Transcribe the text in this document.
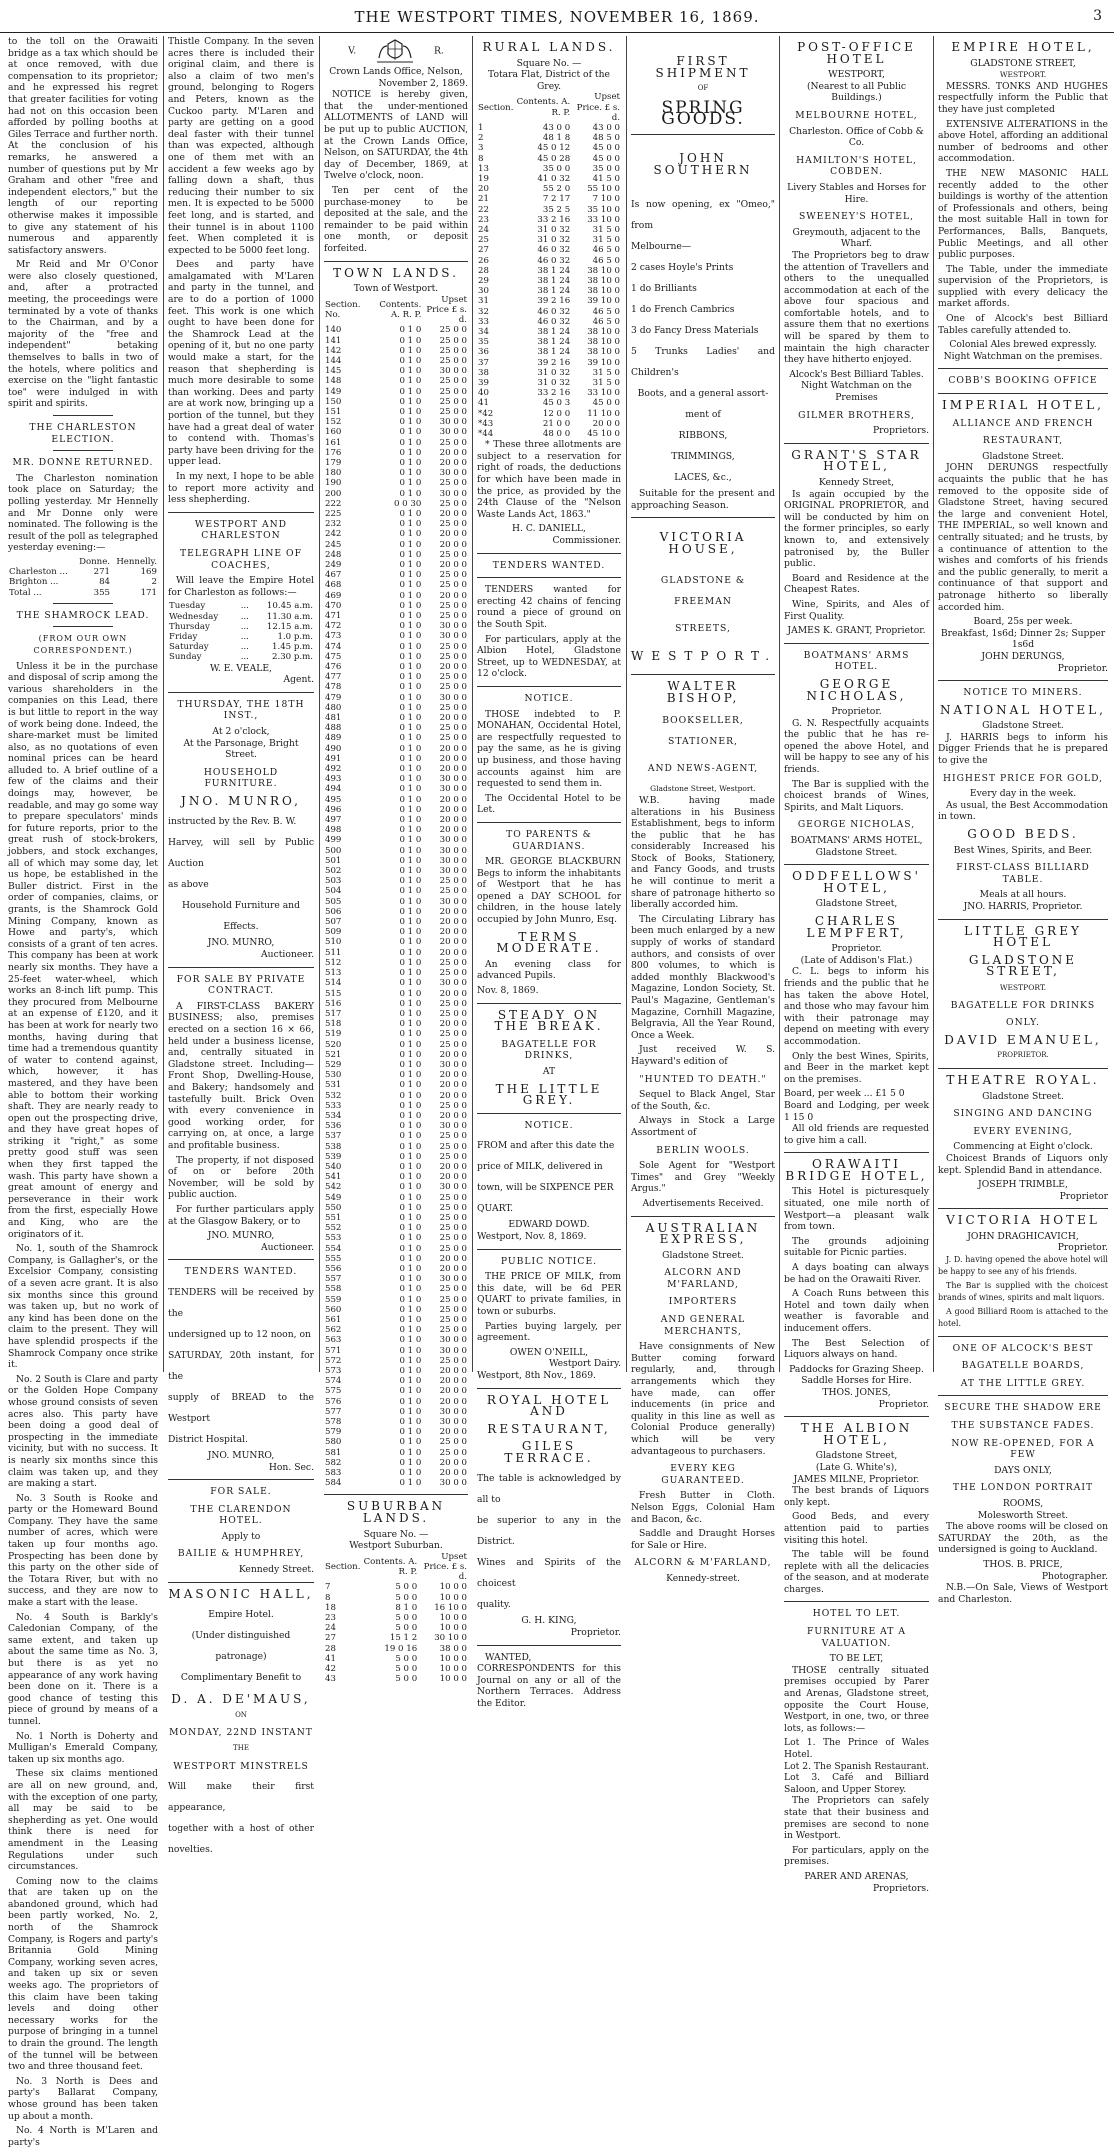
THE WESTPORT TIMES, NOVEMBER 16, 1869.	3

to the toll on the Orawaiti bridge as a tax which should be at once removed, with due compensation to its proprietor; and he expressed his regret that greater facilities for voting had not on this occasion been afforded by polling booths at Giles Terrace and further north. At the conclusion of his remarks, he answered a number of questions put by Mr Graham and other "free and independent electors," but the length of our reporting otherwise makes it impossible to give any statement of his numerous and apparently satisfactory answers.

Mr Reid and Mr O'Conor were also closely questioned, and, after a protracted meeting, the proceedings were terminated by a vote of thanks to the Chairman, and by a majority of the "free and independent" betaking themselves to balls in two of the hotels, where politics and exercise on the "light fantastic toe" were indulged in with spirit and spirits.

THE CHARLESTON ELECTION.
MR. DONNE RETURNED.

The Charleston nomination took place on Saturday; the polling yesterday. Mr Hennelly and Mr Donne only were nominated. The following is the result of the poll as telegraphed yesterday evening:—

	Donne.	Hennelly.
Charleston ...	271	169
Brighton ...	84	2
Total ...	355	171
THE SHAMROCK LEAD.
(FROM OUR OWN CORRESPONDENT.)

Unless it be in the purchase and disposal of scrip among the various shareholders in the companies on this Lead, there is but little to report in the way of work being done. Indeed, the share-market must be limited also, as no quotations of even nominal prices can be heard alluded to. A brief outline of a few of the claims and their doings may, however, be readable, and may go some way to prepare speculators' minds for future reports, prior to the great rush of stock-brokers, jobbers, and stock exchanges, all of which may some day, let us hope, be established in the Buller district. First in the order of companies, claims, or grants, is the Shamrock Gold Mining Company, known as Howe and party's, which consists of a grant of ten acres. This company has been at work nearly six months. They have a 25-feet water-wheel, which works an 8-inch lift pump. This they procured from Melbourne at an expense of £120, and it has been at work for nearly two months, having during that time had a tremendous quantity of water to contend against, which, however, it has mastered, and they have been able to bottom their working shaft. They are nearly ready to open out the prospecting drive, and they have great hopes of striking it "right," as some pretty good stuff was seen when they first tapped the wash. This party have shown a great amount of energy and perseverance in their work from the first, especially Howe and King, who are the originators of it.

No. 1, south of the Shamrock Company, is Gallagher's, or the Excelsior Company, consisting of a seven acre grant. It is also six months since this ground was taken up, but no work of any kind has been done on the claim to the present. They will have splendid prospects if the Shamrock Company once strike it.

No. 2 South is Clare and party or the Golden Hope Company whose ground consists of seven acres also. This party have been doing a good deal of prospecting in the immediate vicinity, but with no success. It is nearly six months since this claim was taken up, and they are making a start.

No. 3 South is Rooke and party or the Homeward Bound Company. They have the same number of acres, which were taken up four months ago. Prospecting has been done by this party on the other side of the Totara River, but with no success, and they are now to make a start with the lease.

No. 4 South is Barkly's Caledonian Company, of the same extent, and taken up about the same time as No. 3, but there is as yet no appearance of any work having been done on it. There is a good chance of testing this piece of ground by means of a tunnel.

No. 1 North is Doherty and Mulligan's Emerald Company, taken up six months ago.

These six claims mentioned are all on new ground, and, with the exception of one party, all may be said to be shepherding as yet. One would think there is need for amendment in the Leasing Regulations under such circumstances.

Coming now to the claims that are taken up on the abandoned ground, which had been partly worked, No. 2, north of the Shamrock Company, is Rogers and party's Britannia Gold Mining Company, working seven acres, and taken up six or seven weeks ago. The proprietors of this claim have been taking levels and doing other necessary works for the purpose of bringing in a tunnel to drain the ground. The length of the tunnel will be between two and three thousand feet.

No. 3 North is Dees and party's Ballarat Company, whose ground has been taken up about a month.

No. 4 North is M'Laren and party's

Thistle Company. In the seven acres there is included their original claim, and there is also a claim of two men's ground, belonging to Rogers and Peters, known as the Cuckoo party. M'Laren and party are getting on a good deal faster with their tunnel than was expected, although one of them met with an accident a few weeks ago by falling down a shaft, thus reducing their number to six men. It is expected to be 5000 feet long, and is started, and their tunnel is in about 1100 feet. When completed it is expected to be 5000 feet long.

Dees and party have amalgamated with M'Laren and party in the tunnel, and are to do a portion of 1000 feet. This work is one which ought to have been done for the Shamrock Lead at the opening of it, but no one party would make a start, for the reason that shepherding is much more desirable to some than working. Dees and party are at work now, bringing up a portion of the tunnel, but they have had a great deal of water to contend with. Thomas's party have been driving for the upper lead.

In my next, I hope to be able to report more activity and less shepherding.

WESTPORT AND CHARLESTON
TELEGRAPH LINE OF COACHES,

Will leave the Empire Hotel for Charleston as follows:—

Tuesday	...	10.45 a.m.
Wednesday	...	11.30 a.m.
Thursday	...	12.15 a.m.
Friday	...	1.0 p.m.
Saturday	...	1.45 p.m.
Sunday	...	2.30 p.m.
W. E. VEALE,
Agent.
THURSDAY, THE 18TH INST.,
At 2 o'clock,
At the Parsonage, Bright Street.
HOUSEHOLD FURNITURE.
JNO. MUNRO,
instructed by the Rev. B. W.
Harvey, will sell by Public Auction
as above
Household Furniture and Effects.
JNO. MUNRO,
Auctioneer.
FOR SALE BY PRIVATE CONTRACT.

A FIRST-CLASS BAKERY BUSINESS; also, premises erected on a section 16 × 66, held under a business license, and, centrally situated in Gladstone street. Including—Front Shop, Dwelling-House, and Bakery; handsomely and tastefully built. Brick Oven with every convenience in good working order, for carrying on, at once, a large and profitable business.

The property, if not disposed of on or before 20th November, will be sold by public auction.

For further particulars apply at the Glasgow Bakery, or to

JNO. MUNRO,
Auctioneer.
TENDERS WANTED.
TENDERS will be received by the
undersigned up to 12 noon, on
SATURDAY, 20th instant, for the
supply of BREAD to the Westport
District Hospital.
JNO. MUNRO,
Hon. Sec.
FOR SALE.
THE CLARENDON HOTEL.
Apply to
BAILIE & HUMPHREY,
Kennedy Street.
MASONIC HALL,
Empire Hotel.
(Under distinguished patronage)
Complimentary Benefit to
D. A. DE'MAUS,
ON
MONDAY, 22ND INSTANT
THE
WESTPORT MINSTRELS
Will make their first appearance,
together with a host of other novelties.
V.	R.
Crown Lands Office, Nelson,
November 2, 1869.

NOTICE is hereby given, that the under-mentioned ALLOTMENTS of LAND will be put up to public AUCTION, at the Crown Lands Office, Nelson, on SATURDAY, the 4th day of December, 1869, at Twelve o'clock, noon.

Ten per cent of the purchase-money to be deposited at the sale, and the remainder to be paid within one month, or deposit forfeited.

TOWN LANDS.
Town of Westport.
Section. No.	Contents. A. R. P.	Upset Price £ s. d.
140	0 1 0	25 0 0
141	0 1 0	25 0 0
142	0 1 0	25 0 0
144	0 1 0	25 0 0
145	0 1 0	30 0 0
148	0 1 0	25 0 0
149	0 1 0	25 0 0
150	0 1 0	25 0 0
151	0 1 0	25 0 0
152	0 1 0	30 0 0
160	0 1 0	30 0 0
161	0 1 0	25 0 0
176	0 1 0	20 0 0
179	0 1 0	20 0 0
180	0 1 0	30 0 0
190	0 1 0	25 0 0
200	0 1 0	30 0 0
222	0 0 30	25 0 0
225	0 1 0	20 0 0
232	0 1 0	25 0 0
242	0 1 0	20 0 0
245	0 1 0	20 0 0
248	0 1 0	25 0 0
249	0 1 0	20 0 0
467	0 1 0	25 0 0
468	0 1 0	25 0 0
469	0 1 0	20 0 0
470	0 1 0	25 0 0
471	0 1 0	25 0 0
472	0 1 0	30 0 0
473	0 1 0	30 0 0
474	0 1 0	25 0 0
475	0 1 0	25 0 0
476	0 1 0	20 0 0
477	0 1 0	25 0 0
478	0 1 0	25 0 0
479	0 1 0	30 0 0
480	0 1 0	25 0 0
481	0 1 0	20 0 0
488	0 1 0	25 0 0
489	0 1 0	25 0 0
490	0 1 0	20 0 0
491	0 1 0	20 0 0
492	0 1 0	20 0 0
493	0 1 0	30 0 0
494	0 1 0	30 0 0
495	0 1 0	20 0 0
496	0 1 0	20 0 0
497	0 1 0	20 0 0
498	0 1 0	20 0 0
499	0 1 0	30 0 0
500	0 1 0	30 0 0
501	0 1 0	30 0 0
502	0 1 0	30 0 0
503	0 1 0	25 0 0
504	0 1 0	25 0 0
505	0 1 0	30 0 0
506	0 1 0	20 0 0
507	0 1 0	20 0 0
509	0 1 0	20 0 0
510	0 1 0	20 0 0
511	0 1 0	20 0 0
512	0 1 0	25 0 0
513	0 1 0	25 0 0
514	0 1 0	30 0 0
515	0 1 0	20 0 0
516	0 1 0	25 0 0
517	0 1 0	25 0 0
518	0 1 0	20 0 0
519	0 1 0	25 0 0
520	0 1 0	25 0 0
521	0 1 0	20 0 0
529	0 1 0	30 0 0
530	0 1 0	20 0 0
531	0 1 0	20 0 0
532	0 1 0	20 0 0
533	0 1 0	25 0 0
534	0 1 0	20 0 0
536	0 1 0	30 0 0
537	0 1 0	25 0 0
538	0 1 0	25 0 0
539	0 1 0	25 0 0
540	0 1 0	20 0 0
541	0 1 0	20 0 0
542	0 1 0	30 0 0
549	0 1 0	25 0 0
550	0 1 0	25 0 0
551	0 1 0	25 0 0
552	0 1 0	25 0 0
553	0 1 0	25 0 0
554	0 1 0	25 0 0
555	0 1 0	20 0 0
556	0 1 0	20 0 0
557	0 1 0	30 0 0
558	0 1 0	25 0 0
559	0 1 0	25 0 0
560	0 1 0	25 0 0
561	0 1 0	25 0 0
562	0 1 0	25 0 0
563	0 1 0	30 0 0
571	0 1 0	30 0 0
572	0 1 0	25 0 0
573	0 1 0	20 0 0
574	0 1 0	20 0 0
575	0 1 0	20 0 0
576	0 1 0	20 0 0
577	0 1 0	30 0 0
578	0 1 0	30 0 0
579	0 1 0	20 0 0
580	0 1 0	25 0 0
581	0 1 0	25 0 0
582	0 1 0	20 0 0
583	0 1 0	20 0 0
584	0 1 0	30 0 0
SUBURBAN LANDS.
Square No. —
Westport Suburban.
Section.	Contents. A. R. P.	Upset Price. £ s. d.
7	5 0 0	10 0 0
8	5 0 0	10 0 0
18	8 1 0	16 10 0
23	5 0 0	10 0 0
24	5 0 0	10 0 0
27	15 1 2	30 10 0
28	19 0 16	38 0 0
41	5 0 0	10 0 0
42	5 0 0	10 0 0
43	5 0 0	10 0 0
RURAL LANDS.
Square No. —
Totara Flat, District of the Grey.
Section.	Contents. A. R. P.	Upset Price. £ s. d.
1	43 0 0	43 0 0
2	48 1 8	48 5 0
3	45 0 12	45 0 0
8	45 0 28	45 0 0
13	35 0 0	35 0 0
19	41 0 32	41 5 0
20	55 2 0	55 10 0
21	7 2 17	7 10 0
22	35 2 5	35 10 0
23	33 2 16	33 10 0
24	31 0 32	31 5 0
25	31 0 32	31 5 0
27	46 0 32	46 5 0
26	46 0 32	46 5 0
28	38 1 24	38 10 0
29	38 1 24	38 10 0
30	38 1 24	38 10 0
31	39 2 16	39 10 0
32	46 0 32	46 5 0
33	46 0 32	46 5 0
34	38 1 24	38 10 0
35	38 1 24	38 10 0
36	38 1 24	38 10 0
37	39 2 16	39 10 0
38	31 0 32	31 5 0
39	31 0 32	31 5 0
40	33 2 16	33 10 0
41	45 0 3	45 0 0
*42	12 0 0	11 10 0
*43	21 0 0	20 0 0
*44	48 0 0	45 10 0

* These three allotments are subject to a reservation for right of roads, the deductions for which have been made in the price, as provided by the 24th Clause of the "Nelson Waste Lands Act, 1863."

H. C. DANIELL,
Commissioner.
TENDERS WANTED.

TENDERS wanted for erecting 42 chains of fencing round a piece of ground on the South Spit.

For particulars, apply at the Albion Hotel, Gladstone Street, up to WEDNESDAY, at 12 o'clock.

NOTICE.

THOSE indebted to P. MONAHAN, Occidental Hotel, are respectfully requested to pay the same, as he is giving up business, and those having accounts against him are requested to send them in.

The Occidental Hotel to be Let.

TO PARENTS & GUARDIANS.

MR. GEORGE BLACKBURN Begs to inform the inhabitants of Westport that he has opened a DAY SCHOOL for children, in the house lately occupied by John Munro, Esq.

TERMS MODERATE.

An evening class for advanced Pupils.

Nov. 8, 1869.
STEADY ON THE BREAK.
BAGATELLE FOR DRINKS,
AT
THE LITTLE GREY.
NOTICE.
FROM and after this date the
price of MILK, delivered in
town, will be SIXPENCE PER
QUART.
EDWARD DOWD.
Westport, Nov. 8, 1869.
PUBLIC NOTICE.

THE PRICE OF MILK, from this date, will be 6d PER QUART to private families, in town or suburbs.

Parties buying largely, per agreement.

OWEN O'NEILL,
Westport Dairy.
Westport, 8th Nov., 1869.
ROYAL HOTEL AND
RESTAURANT,
GILES TERRACE.
The table is acknowledged by all to
be superior to any in the District.
Wines and Spirits of the choicest
quality.
G. H. KING,
Proprietor.

WANTED, CORRESPONDENTS for this Journal on any or all of the Northern Terraces. Address the Editor.

FIRST SHIPMENT
OF
SPRING GOODS.
JOHN SOUTHERN
Is now opening, ex "Omeo," from
Melbourne—
2 cases Hoyle's Prints
1 do Brilliants
1 do French Cambrics
3 do Fancy Dress Materials
5 Trunks Ladies' and Children's
Boots, and a general assort-
ment of
RIBBONS,
TRIMMINGS,
LACES, &c.,

Suitable for the present and approaching Season.

VICTORIA HOUSE,
GLADSTONE & FREEMAN
STREETS,
WESTPORT.
WALTER BISHOP,
BOOKSELLER, STATIONER,
AND NEWS-AGENT,
Gladstone Street, Westport.

W.B. having made alterations in his Business Establishment, begs to inform the public that he has considerably Increased his Stock of Books, Stationery, and Fancy Goods, and trusts he will continue to merit a share of patronage hitherto so liberally accorded him.

The Circulating Library has been much enlarged by a new supply of works of standard authors, and consists of over 800 volumes, to which is added monthly Blackwood's Magazine, London Society, St. Paul's Magazine, Gentleman's Magazine, Cornhill Magazine, Belgravia, All the Year Round, Once a Week.

Just received W. S. Hayward's edition of

"HUNTED TO DEATH."

Sequel to Black Angel, Star of the South, &c.

Always in Stock a Large Assortment of

BERLIN WOOLS.

Sole Agent for "Westport Times" and Grey "Weekly Argus."

Advertisements Received.
AUSTRALIAN EXPRESS,
Gladstone Street.
ALCORN AND M'FARLAND,
IMPORTERS
AND GENERAL MERCHANTS,

Have consignments of New Butter coming forward regularly, and, through arrangements which they have made, can offer inducements (in price and quality in this line as well as Colonial Produce generally) which will be very advantageous to purchasers.

EVERY KEG GUARANTEED.

Fresh Butter in Cloth. Nelson Eggs, Colonial Ham and Bacon, &c.

Saddle and Draught Horses for Sale or Hire.

ALCORN & M'FARLAND,
Kennedy-street.
POST-OFFICE HOTEL
WESTPORT,
(Nearest to all Public Buildings.)
MELBOURNE HOTEL,
Charleston. Office of Cobb & Co.
HAMILTON'S HOTEL, COBDEN.
Livery Stables and Horses for Hire.
SWEENEY'S HOTEL,
Greymouth, adjacent to the Wharf.

The Proprietors beg to draw the attention of Travellers and others to the unequalled accommodation at each of the above four spacious and comfortable hotels, and to assure them that no exertions will be spared by them to maintain the high character they have hitherto enjoyed.

Alcock's Best Billiard Tables.
Night Watchman on the Premises
GILMER BROTHERS,
Proprietors.
GRANT'S STAR HOTEL,
Kennedy Street,

Is again occupied by the ORIGINAL PROPRIETOR, and will be conducted by him on the former principles, so early known to, and extensively patronised by, the Buller public.

Board and Residence at the Cheapest Rates.

Wine, Spirits, and Ales of First Quality.

JAMES K. GRANT, Proprietor.
BOATMANS' ARMS HOTEL.
GEORGE NICHOLAS,
Proprietor.

G. N. Respectfully acquaints the public that he has re-opened the above Hotel, and will be happy to see any of his friends.

The Bar is supplied with the choicest brands of Wines, Spirits, and Malt Liquors.

GEORGE NICHOLAS,
BOATMANS' ARMS HOTEL,
Gladstone Street.
ODDFELLOWS' HOTEL,
Gladstone Street,
CHARLES LEMPFERT,
Proprietor.
(Late of Addison's Flat.)

C. L. begs to inform his friends and the public that he has taken the above Hotel, and those who may favour him with their patronage may depend on meeting with every accommodation.

Only the best Wines, Spirits, and Beer in the market kept on the premises.

Board, per week ... £1 5 0
Board and Lodging, per week 1 15 0

All old friends are requested to give him a call.

ORAWAITI BRIDGE HOTEL,

This Hotel is picturesquely situated, one mile north of Westport—a pleasant walk from town.

The grounds adjoining suitable for Picnic parties.

A days boating can always be had on the Orawaiti River.

A Coach Runs between this Hotel and town daily when weather is favorable and inducement offers.

The Best Selection of Liquors always on hand.

Paddocks for Grazing Sheep.
Saddle Horses for Hire.
THOS. JONES,
Proprietor.
THE ALBION HOTEL,
Gladstone Street,
(Late G. White's),
JAMES MILNE, Proprietor.

The best brands of Liquors only kept.

Good Beds, and every attention paid to parties visiting this hotel.

The table will be found replete with all the delicacies of the season, and at moderate charges.

HOTEL TO LET.
FURNITURE AT A VALUATION.
TO BE LET,

THOSE centrally situated premises occupied by Parer and Arenas, Gladstone street, opposite the Court House, Westport, in one, two, or three lots, as follows:—

Lot 1. The Prince of Wales Hotel.
Lot 2. The Spanish Restaurant.
Lot 3. Café and Billiard Saloon, and Upper Storey.

The Proprietors can safely state that their business and premises are second to none in Westport.

For particulars, apply on the premises.

PARER AND ARENAS,
Proprietors.
EMPIRE HOTEL,
GLADSTONE STREET,
WESTPORT.

MESSRS. TONKS AND HUGHES respectfully inform the Public that they have just completed

EXTENSIVE ALTERATIONS in the above Hotel, affording an additional number of bedrooms and other accommodation.

THE NEW MASONIC HALL recently added to the other buildings is worthy of the attention of Professionals and others, being the most suitable Hall in town for Performances, Balls, Banquets, Public Meetings, and all other public purposes.

The Table, under the immediate supervision of the Proprietors, is supplied with every delicacy the market affords.

One of Alcock's best Billiard Tables carefully attended to.

Colonial Ales brewed expressly.
Night Watchman on the premises.
COBB'S BOOKING OFFICE
IMPERIAL HOTEL,
ALLIANCE AND FRENCH
RESTAURANT,
Gladstone Street.

JOHN DERUNGS respectfully acquaints the public that he has removed to the opposite side of Gladstone Street, having secured the large and convenient Hotel, THE IMPERIAL, so well known and centrally situated; and he trusts, by a continuance of attention to the wishes and comforts of his friends and the public generally, to merit a continuance of that support and patronage hitherto so liberally accorded him.

Board, 25s per week.
Breakfast, 1s6d; Dinner 2s; Supper 1s6d
JOHN DERUNGS,
Proprietor.
NOTICE TO MINERS.
NATIONAL HOTEL,
Gladstone Street.

J. HARRIS begs to inform his Digger Friends that he is prepared to give the

HIGHEST PRICE FOR GOLD,
Every day in the week.

As usual, the Best Accommodation in town.

GOOD BEDS.
Best Wines, Spirits, and Beer.
FIRST-CLASS BILLIARD TABLE.
Meals at all hours.
JNO. HARRIS, Proprietor.
LITTLE GREY HOTEL
GLADSTONE STREET,
WESTPORT.
BAGATELLE FOR DRINKS
ONLY.
DAVID EMANUEL,
PROPRIETOR.
THEATRE ROYAL.
Gladstone Street.
SINGING AND DANCING
EVERY EVENING,
Commencing at Eight o'clock.

Choicest Brands of Liquors only kept. Splendid Band in attendance.

JOSEPH TRIMBLE,
Proprietor
VICTORIA HOTEL
JOHN DRAGHICAVICH,
Proprietor.

J. D. having opened the above hotel will be happy to see any of his friends.

The Bar is supplied with the choicest brands of wines, spirits and malt liquors.

A good Billiard Room is attached to the hotel.

ONE OF ALCOCK'S BEST
BAGATELLE BOARDS,
AT THE LITTLE GREY.
SECURE THE SHADOW ERE
THE SUBSTANCE FADES.
NOW RE-OPENED, FOR A FEW
DAYS ONLY,
THE LONDON PORTRAIT
ROOMS,
Molesworth Street.

The above rooms will be closed on SATURDAY the 20th, as the undersigned is going to Auckland.

THOS. B. PRICE,
Photographer.

N.B.—On Sale, Views of Westport and Charleston.
